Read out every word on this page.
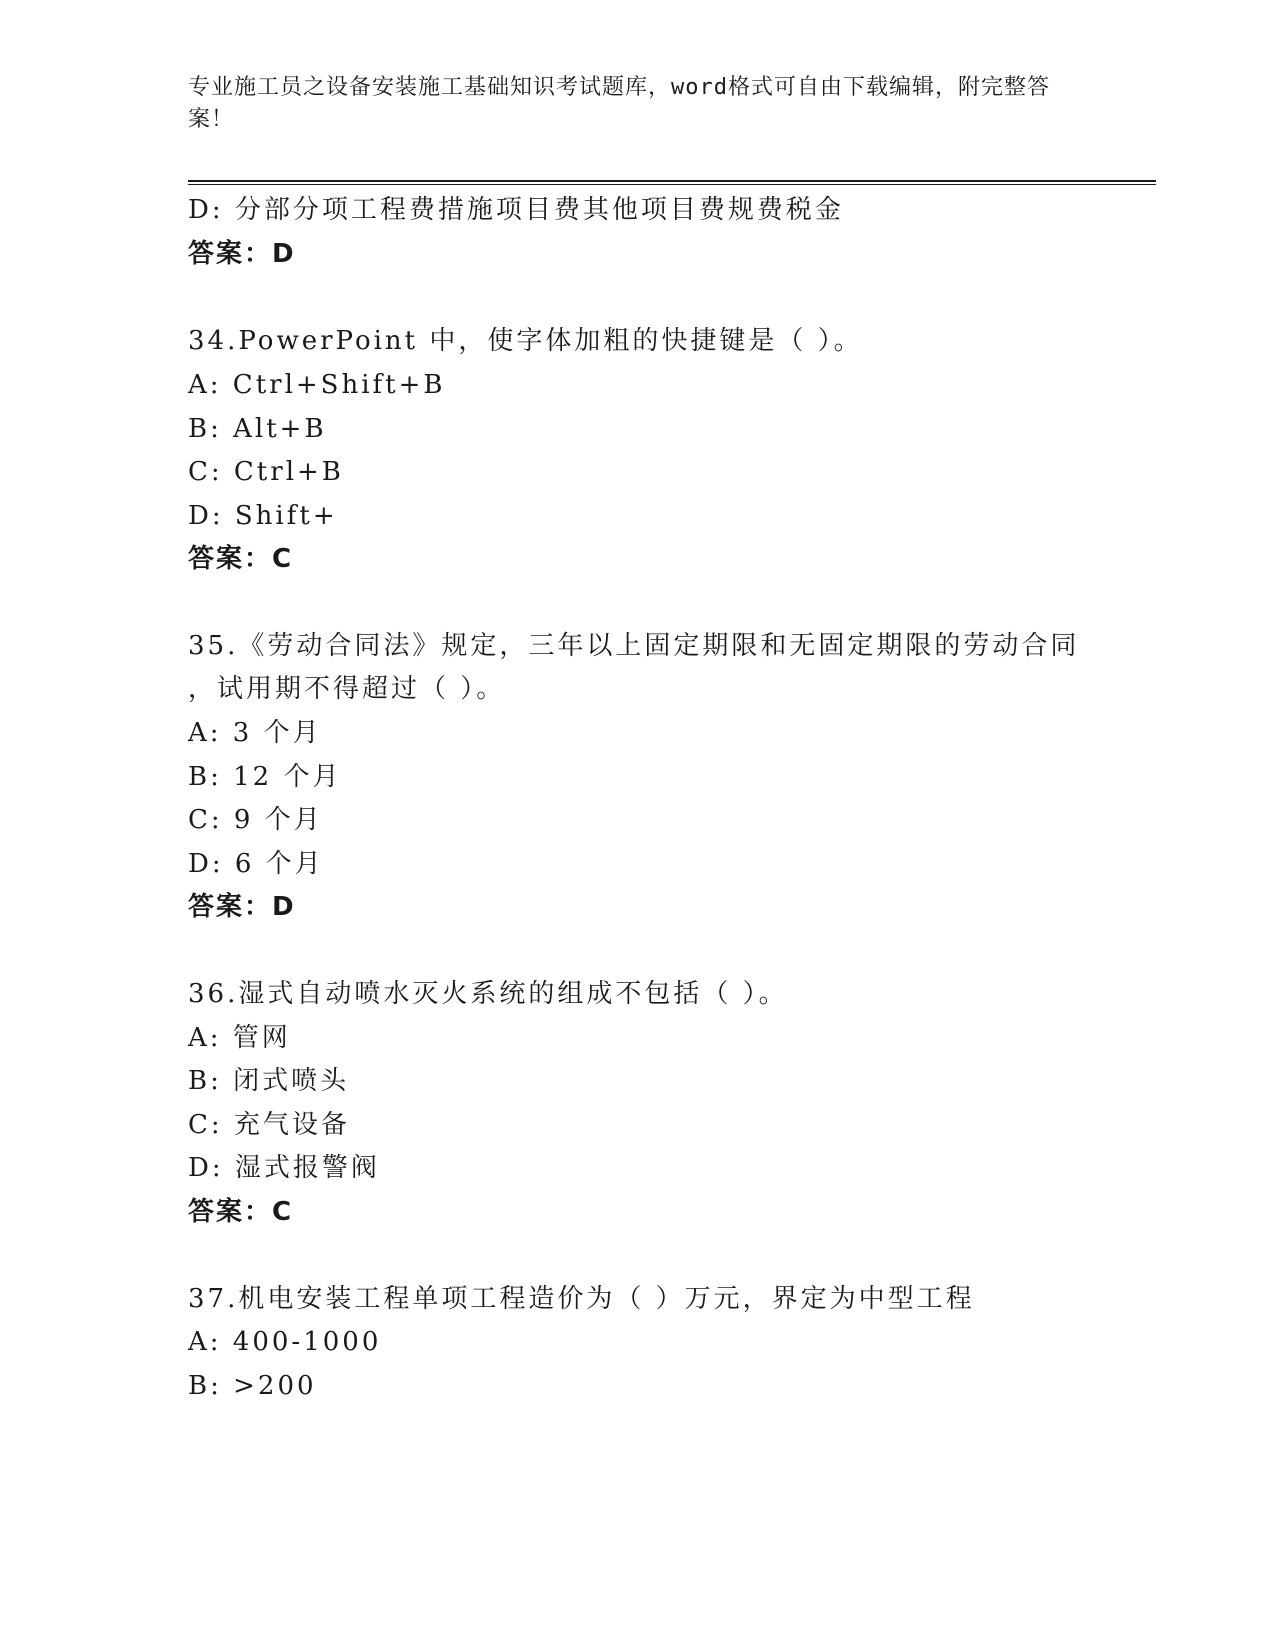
专业施工员之设备安装施工基础知识考试题库，word格式可自由下载编辑，附完整答案！
D: 分部分项工程费措施项目费其他项目费规费税金
答案：D
34.PowerPoint 中，使字体加粗的快捷键是（ ）。
A: Ctrl+Shift+B
B: Alt+B
C: Ctrl+B
D: Shift+
答案：C
35.《劳动合同法》规定，三年以上固定期限和无固定期限的劳动合同
，试用期不得超过（ ）。
A: 3 个月
B: 12 个月
C: 9 个月
D: 6 个月
答案：D
36.湿式自动喷水灭火系统的组成不包括（ ）。
A: 管网
B: 闭式喷头
C: 充气设备
D: 湿式报警阀
答案：C
37.机电安装工程单项工程造价为（ ）万元，界定为中型工程
A: 400-1000
B: >200
